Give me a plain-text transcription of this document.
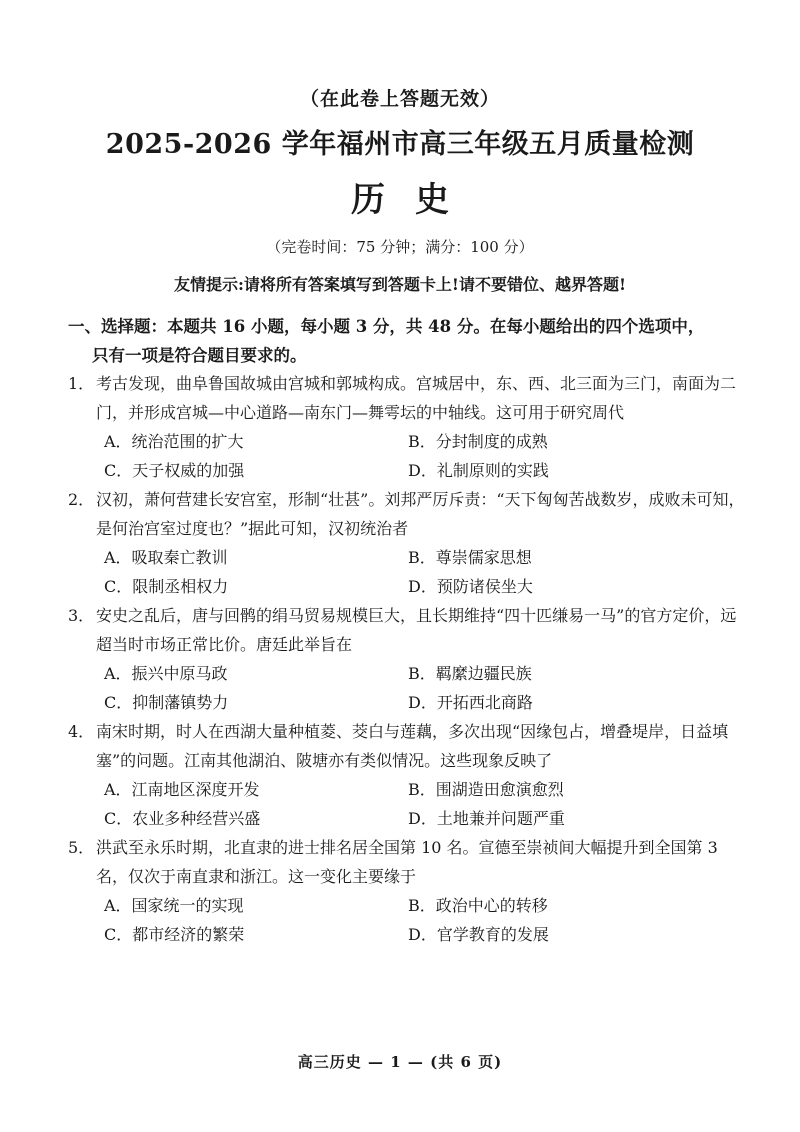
（在此卷上答题无效）
2025-2026 学年福州市高三年级五月质量检测
历史
（完卷时间：75 分钟；满分：100 分）
友情提示:请将所有答案填写到答题卡上!请不要错位、越界答题!
一、选择题：本题共 16 小题，每小题 3 分，共 48 分。在每小题给出的四个选项中，
只有一项是符合题目要求的。
1． 考古发现，曲阜鲁国故城由宫城和郭城构成。宫城居中，东、西、北三面为三门，南面为二门，并形成宫城—中心道路—南东门—舞雩坛的中轴线。这可用于研究周代
A．统治范围的扩大	B．分封制度的成熟
C．天子权威的加强	D．礼制原则的实践
2． 汉初，萧何营建长安宫室，形制“壮甚”。刘邦严厉斥责：“天下匈匈苦战数岁，成败未可知，是何治宫室过度也？”据此可知，汉初统治者
A．吸取秦亡教训	B．尊崇儒家思想
C．限制丞相权力	D．预防诸侯坐大
3． 安史之乱后，唐与回鹘的绢马贸易规模巨大，且长期维持“四十匹缣易一马”的官方定价，远超当时市场正常比价。唐廷此举旨在
A．振兴中原马政	B．羁縻边疆民族
C．抑制藩镇势力	D．开拓西北商路
4． 南宋时期，时人在西湖大量种植菱、茭白与莲藕，多次出现“因缘包占，增叠堤岸，日益填塞”的问题。江南其他湖泊、陂塘亦有类似情况。这些现象反映了
A．江南地区深度开发	B．围湖造田愈演愈烈
C．农业多种经营兴盛	D．土地兼并问题严重
5． 洪武至永乐时期，北直隶的进士排名居全国第 10 名。宣德至崇祯间大幅提升到全国第 3 名，仅次于南直隶和浙江。这一变化主要缘于
A．国家统一的实现	B．政治中心的转移
C．都市经济的繁荣	D．官学教育的发展
高三历史 — 1 — (共 6 页)
